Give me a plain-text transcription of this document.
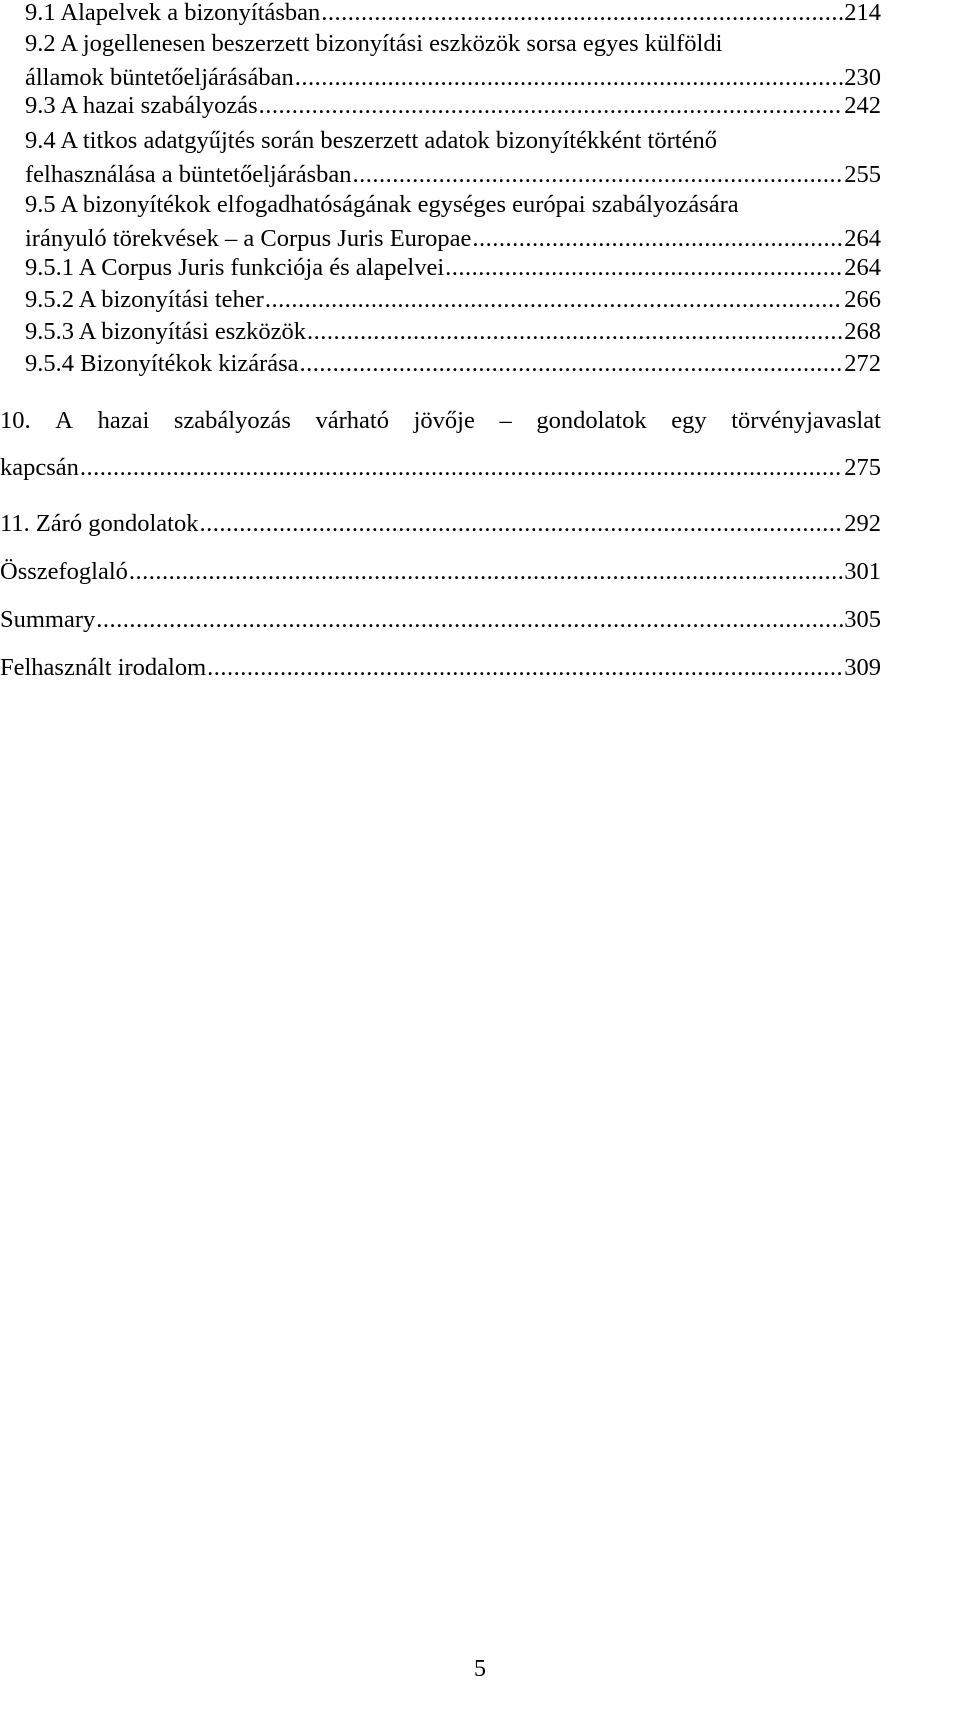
9.1 Alapelvek a bizonyításban .....	214
9.2 A jogellenesen beszerzett bizonyítási eszközök sorsa egyes külföldi
államok büntetőeljárásában .....	230
9.3 A hazai szabályozás .....	242
9.4 A titkos adatgyűjtés során beszerzett adatok bizonyítékként történő
felhasználása a büntetőeljárásban .....	255
9.5 A bizonyítékok elfogadhatóságának egységes európai szabályozására
irányuló törekvések – a Corpus Juris Europae .....	264
9.5.1 A Corpus Juris funkciója és alapelvei .....	264
9.5.2 A bizonyítási teher .....	266
9.5.3 A bizonyítási eszközök .....	268
9.5.4 Bizonyítékok kizárása .....	272
10. A hazai szabályozás várható jövője – gondolatok egy törvényjavaslat
kapcsán .....	275
11. Záró gondolatok .....	292
Összefoglaló .....	301
Summary .....	305
Felhasznált irodalom .....	309
5
